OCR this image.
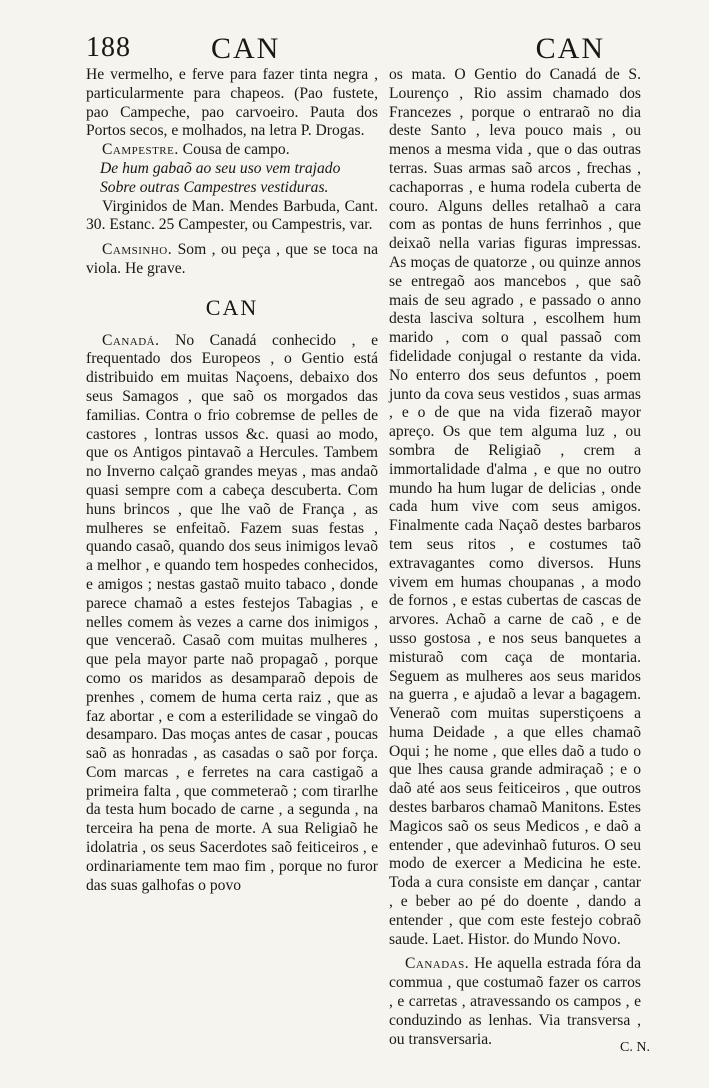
188	CAN	CAN

He vermelho, e ferve para fazer tinta negra , particularmente para chapeos. (Pao fustete, pao Campeche, pao carvoeiro. Pauta dos Portos secos, e molhados, na letra P. Drogas.

Campestre. Cousa de campo.

De hum gabaõ ao seu uso vem trajado

Sobre outras Campestres vestiduras.

Virginidos de Man. Mendes Barbuda, Cant. 30. Estanc. 25 Campester, ou Campestris, var.

Camsinho. Som , ou peça , que se toca na viola. He grave.

CAN

Canadá. No Canadá conhecido , e frequentado dos Europeos , o Gentio está distribuido em muitas Naçoens, debaixo dos seus Samagos , que saõ os morgados das familias. Contra o frio cobremse de pelles de castores , lontras ussos &c. quasi ao modo, que os Antigos pintavaõ a Hercules. Tambem no Inverno calçaõ grandes meyas , mas andaõ quasi sempre com a cabeça descuberta. Com huns brincos , que lhe vaõ de França , as mulheres se enfeitaõ. Fazem suas festas , quando casaõ, quando dos seus inimigos levaõ a melhor , e quando tem hospedes conhecidos, e amigos ; nestas gastaõ muito tabaco , donde parece chamaõ a estes festejos Tabagias , e nelles comem às vezes a carne dos inimigos , que venceraõ. Casaõ com muitas mulheres , que pela mayor parte naõ propagaõ , porque como os maridos as desamparaõ depois de prenhes , comem de huma certa raiz , que as faz abortar , e com a esterilidade se vingaõ do desamparo. Das moças antes de casar , poucas saõ as honradas , as casadas o saõ por força. Com marcas , e ferretes na cara castigaõ a primeira falta , que commeteraõ ; com tirarlhe da testa hum bocado de carne , a segunda , na terceira ha pena de morte. A sua Religiaõ he idolatria , os seus Sacerdotes saõ feiticeiros , e ordinariamente tem mao fim , porque no furor das suas galhofas o povo

os mata. O Gentio do Canadá de S. Lourenço , Rio assim chamado dos Francezes , porque o entraraõ no dia deste Santo , leva pouco mais , ou menos a mesma vida , que o das outras terras. Suas armas saõ arcos , frechas , cachaporras , e huma rodela cuberta de couro. Alguns delles retalhaõ a cara com as pontas de huns ferrinhos , que deixaõ nella varias figuras impressas. As moças de quatorze , ou quinze annos se entregaõ aos mancebos , que saõ mais de seu agrado , e passado o anno desta lasciva soltura , escolhem hum marido , com o qual passaõ com fidelidade conjugal o restante da vida. No enterro dos seus defuntos , poem junto da cova seus vestidos , suas armas , e o de que na vida fizeraõ mayor apreço. Os que tem alguma luz , ou sombra de Religiaõ , crem a immortalidade d'alma , e que no outro mundo ha hum lugar de delicias , onde cada hum vive com seus amigos. Finalmente cada Naçaõ destes barbaros tem seus ritos , e costumes taõ extravagantes como diversos. Huns vivem em humas choupanas , a modo de fornos , e estas cubertas de cascas de arvores. Achaõ a carne de caõ , e de usso gostosa , e nos seus banquetes a misturaõ com caça de montaria. Seguem as mulheres aos seus maridos na guerra , e ajudaõ a levar a bagagem. Veneraõ com muitas superstiçoens a huma Deidade , a que elles chamaõ Oqui ; he nome , que elles daõ a tudo o que lhes causa grande admiraçaõ ; e o daõ até aos seus feiticeiros , que outros destes barbaros chamaõ Manitons. Estes Magicos saõ os seus Medicos , e daõ a entender , que adevinhaõ futuros. O seu modo de exercer a Medicina he este. Toda a cura consiste em dançar , cantar , e beber ao pé do doente , dando a entender , que com este festejo cobraõ saude. Laet. Histor. do Mundo Novo.

Canadas. He aquella estrada fóra da commua , que costumaõ fazer os carros , e carretas , atravessando os campos , e conduzindo as lenhas. Via transversa , ou transversaria.	C. N.
